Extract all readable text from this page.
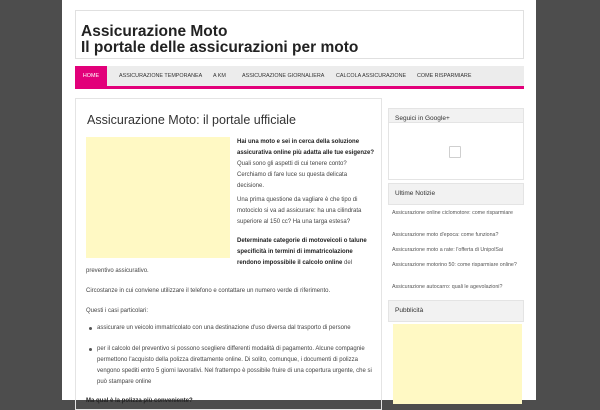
Assicurazione Moto
Il portale delle assicurazioni per moto
HOME	ASSICURAZIONE TEMPORANEA A KM	ASSICURAZIONE GIORNALIERA CALCOLA ASSICURAZIONE COME RISPARMIARE
Assicurazione Moto: il portale ufficiale

Hai una moto e sei in cerca della soluzione assicurativa online più adatta alle tue esigenze? Quali sono gli aspetti di cui tenere conto? Cerchiamo di fare luce su questa delicata decisione.

Una prima questione da vagliare è che tipo di motociclo si va ad assicurare: ha una cilindrata superiore al 150 cc? Ha una targa estesa?

Determinate categorie di motoveicoli o talune specificità in termini di immatricolazione rendono impossibile il calcolo online del

preventivo assicurativo.

Circostanze in cui conviene utilizzare il telefono e contattare un numero verde di riferimento.

Questi i casi particolari:

assicurare un veicolo immatricolato con una destinazione d'uso diversa dal trasporto di persone

per il calcolo del preventivo si possono scegliere differenti modalità di pagamento. Alcune compagnie permettono l'acquisto della polizza direttamente online. Di solito, comunque, i documenti di polizza vengono spediti entro 5 giorni lavorativi. Nel frattempo è possibile fruire di una copertura urgente, che si può stampare online

Ma qual è la polizza più conveniente?

Seguici in Google+
Ultime Notizie
Assicurazione online ciclomotore: come risparmiare
Assicurazione moto d'epoca: come funziona?
Assicurazione moto a rate: l'offerta di UnipolSai
Assicurazione motorino 50: come risparmiare online?
Assicurazione autocarro: quali le agevolazioni?
Pubblicità
